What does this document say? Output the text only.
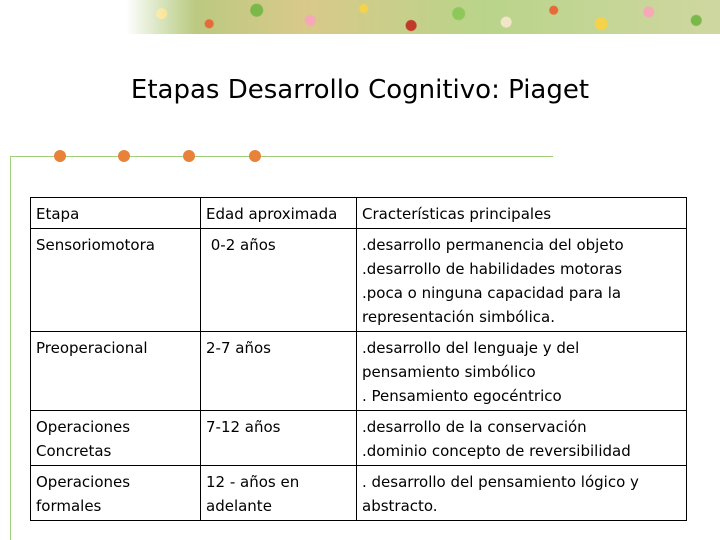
Etapas Desarrollo Cognitivo: Piaget
Etapa	Edad aproximada	Cracterísticas principales
Sensoriomotora	0-2 años	.desarrollo permanencia del objeto
.desarrollo de habilidades motoras
.poca o ninguna capacidad para la representación simbólica.

Preoperacional	2-7 años	.desarrollo del lenguaje y del pensamiento simbólico
. Pensamiento egocéntrico

Operaciones Concretas	7-12 años	.desarrollo de la conservación
.dominio concepto de reversibilidad

Operaciones formales	12 - años en adelante	. desarrollo del pensamiento lógico y abstracto.
